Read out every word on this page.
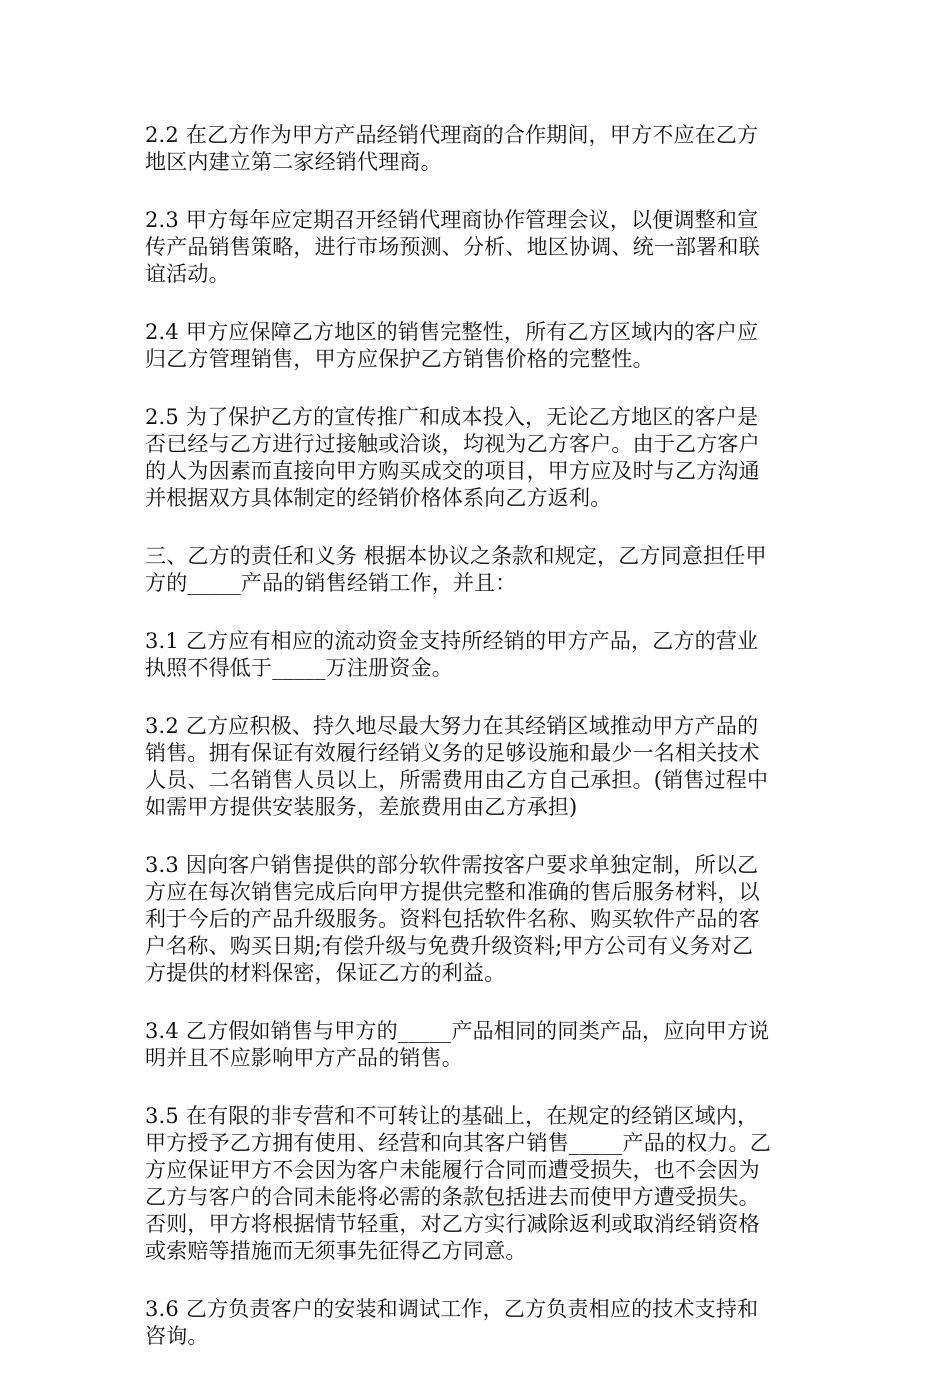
2.2 在乙方作为甲方产品经销代理商的合作期间，甲方不应在乙方
地区内建立第二家经销代理商。

2.3 甲方每年应定期召开经销代理商协作管理会议，以便调整和宣
传产品销售策略，进行市场预测、分析、地区协调、统一部署和联
谊活动。

2.4 甲方应保障乙方地区的销售完整性，所有乙方区域内的客户应
归乙方管理销售，甲方应保护乙方销售价格的完整性。

2.5 为了保护乙方的宣传推广和成本投入，无论乙方地区的客户是
否已经与乙方进行过接触或洽谈，均视为乙方客户。由于乙方客户
的人为因素而直接向甲方购买成交的项目，甲方应及时与乙方沟通
并根据双方具体制定的经销价格体系向乙方返利。

三、乙方的责任和义务 根据本协议之条款和规定，乙方同意担任甲
方的_____产品的销售经销工作，并且：

3.1 乙方应有相应的流动资金支持所经销的甲方产品，乙方的营业
执照不得低于_____万注册资金。

3.2 乙方应积极、持久地尽最大努力在其经销区域推动甲方产品的
销售。拥有保证有效履行经销义务的足够设施和最少一名相关技术
人员、二名销售人员以上，所需费用由乙方自己承担。(销售过程中
如需甲方提供安装服务，差旅费用由乙方承担)

3.3 因向客户销售提供的部分软件需按客户要求单独定制，所以乙
方应在每次销售完成后向甲方提供完整和准确的售后服务材料，以
利于今后的产品升级服务。资料包括软件名称、购买软件产品的客
户名称、购买日期;有偿升级与免费升级资料;甲方公司有义务对乙
方提供的材料保密，保证乙方的利益。

3.4 乙方假如销售与甲方的_____产品相同的同类产品，应向甲方说
明并且不应影响甲方产品的销售。

3.5 在有限的非专营和不可转让的基础上，在规定的经销区域内，
甲方授予乙方拥有使用、经营和向其客户销售_____产品的权力。乙
方应保证甲方不会因为客户未能履行合同而遭受损失，也不会因为
乙方与客户的合同未能将必需的条款包括进去而使甲方遭受损失。
否则，甲方将根据情节轻重，对乙方实行减除返利或取消经销资格
或索赔等措施而无须事先征得乙方同意。

3.6 乙方负责客户的安装和调试工作，乙方负责相应的技术支持和
咨询。
